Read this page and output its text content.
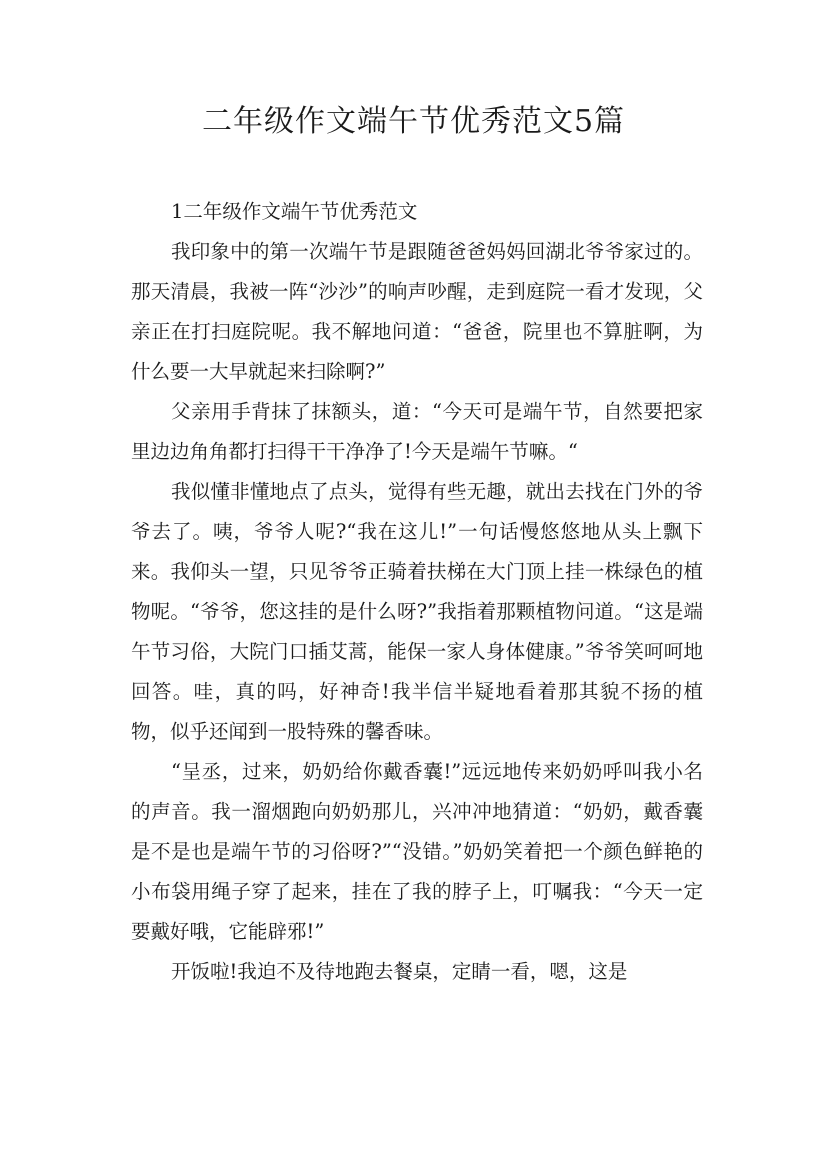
二年级作文端午节优秀范文5篇

1二年级作文端午节优秀范文

我印象中的第一次端午节是跟随爸爸妈妈回湖北爷爷家过的。那天清晨，我被一阵“沙沙”的响声吵醒，走到庭院一看才发现，父亲正在打扫庭院呢。我不解地问道：“爸爸，院里也不算脏啊，为什么要一大早就起来扫除啊?”

父亲用手背抹了抹额头，道：“今天可是端午节，自然要把家里边边角角都打扫得干干净净了!今天是端午节嘛。“

我似懂非懂地点了点头，觉得有些无趣，就出去找在门外的爷爷去了。咦，爷爷人呢?“我在这儿!”一句话慢悠悠地从头上飘下来。我仰头一望，只见爷爷正骑着扶梯在大门顶上挂一株绿色的植物呢。“爷爷，您这挂的是什么呀?”我指着那颗植物问道。“这是端午节习俗，大院门口插艾蒿，能保一家人身体健康。”爷爷笑呵呵地回答。哇，真的吗，好神奇!我半信半疑地看着那其貌不扬的植物，似乎还闻到一股特殊的馨香味。

“呈丞，过来，奶奶给你戴香囊!”远远地传来奶奶呼叫我小名的声音。我一溜烟跑向奶奶那儿，兴冲冲地猜道：“奶奶，戴香囊是不是也是端午节的习俗呀?”“没错。”奶奶笑着把一个颜色鲜艳的小布袋用绳子穿了起来，挂在了我的脖子上，叮嘱我：“今天一定要戴好哦，它能辟邪!”

开饭啦!我迫不及待地跑去餐桌，定睛一看，嗯，这是
